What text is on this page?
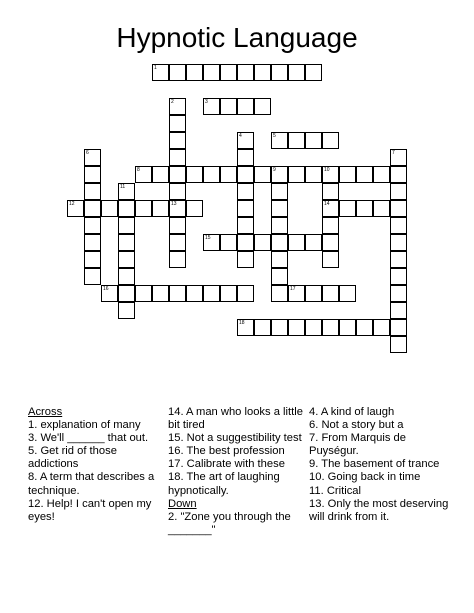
Hypnotic Language
1
2	3
4	5
6	7
8	9	10
11
12	13	14
15
16	17
18
Across
1. explanation of many
3. We'll ______ that out.
5. Get rid of those addictions
8. A term that describes a technique.
12. Help! I can't open my eyes!
14. A man who looks a little bit tired
15. Not a suggestibility test
16. The best profession
17. Calibrate with these
18. The art of laughing hypnotically.
Down
2. "Zone you through the _______"
4. A kind of laugh
6. Not a story but a
7. From Marquis de Puységur.
9. The basement of trance
10. Going back in time
11. Critical
13. Only the most deserving will drink from it.
